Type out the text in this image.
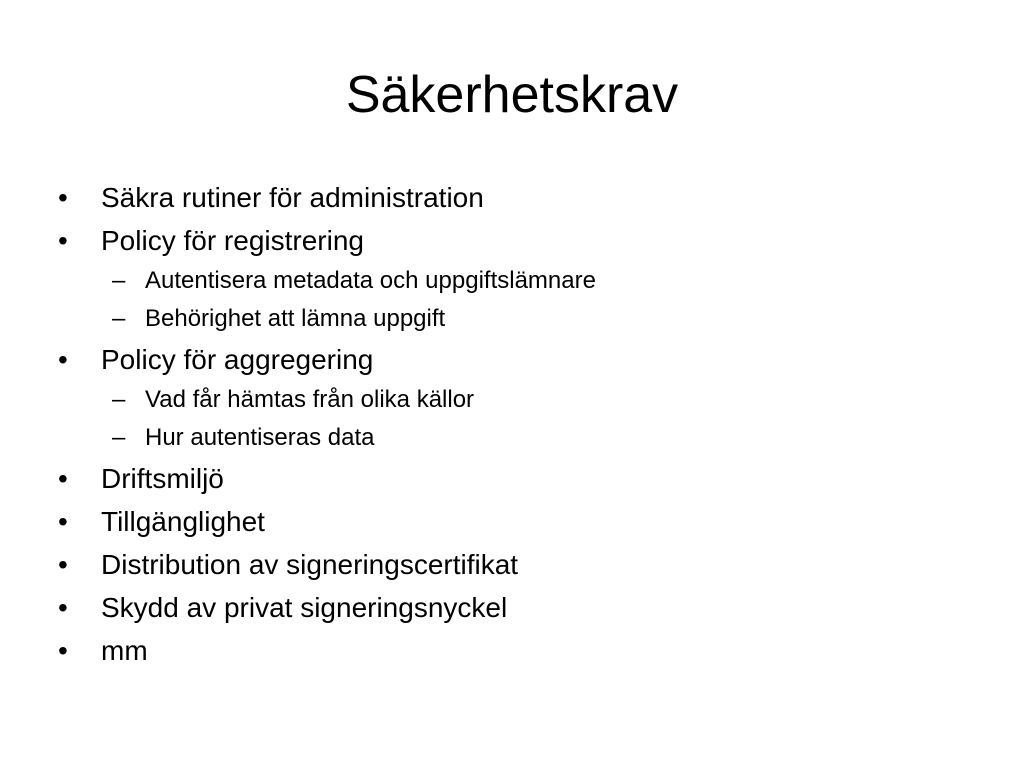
Säkerhetskrav
• Säkra rutiner för administration
• Policy för registrering
– Autentisera metadata och uppgiftslämnare
– Behörighet att lämna uppgift
• Policy för aggregering
– Vad får hämtas från olika källor
– Hur autentiseras data
• Driftsmiljö
• Tillgänglighet
• Distribution av signeringscertifikat
• Skydd av privat signeringsnyckel
• mm
